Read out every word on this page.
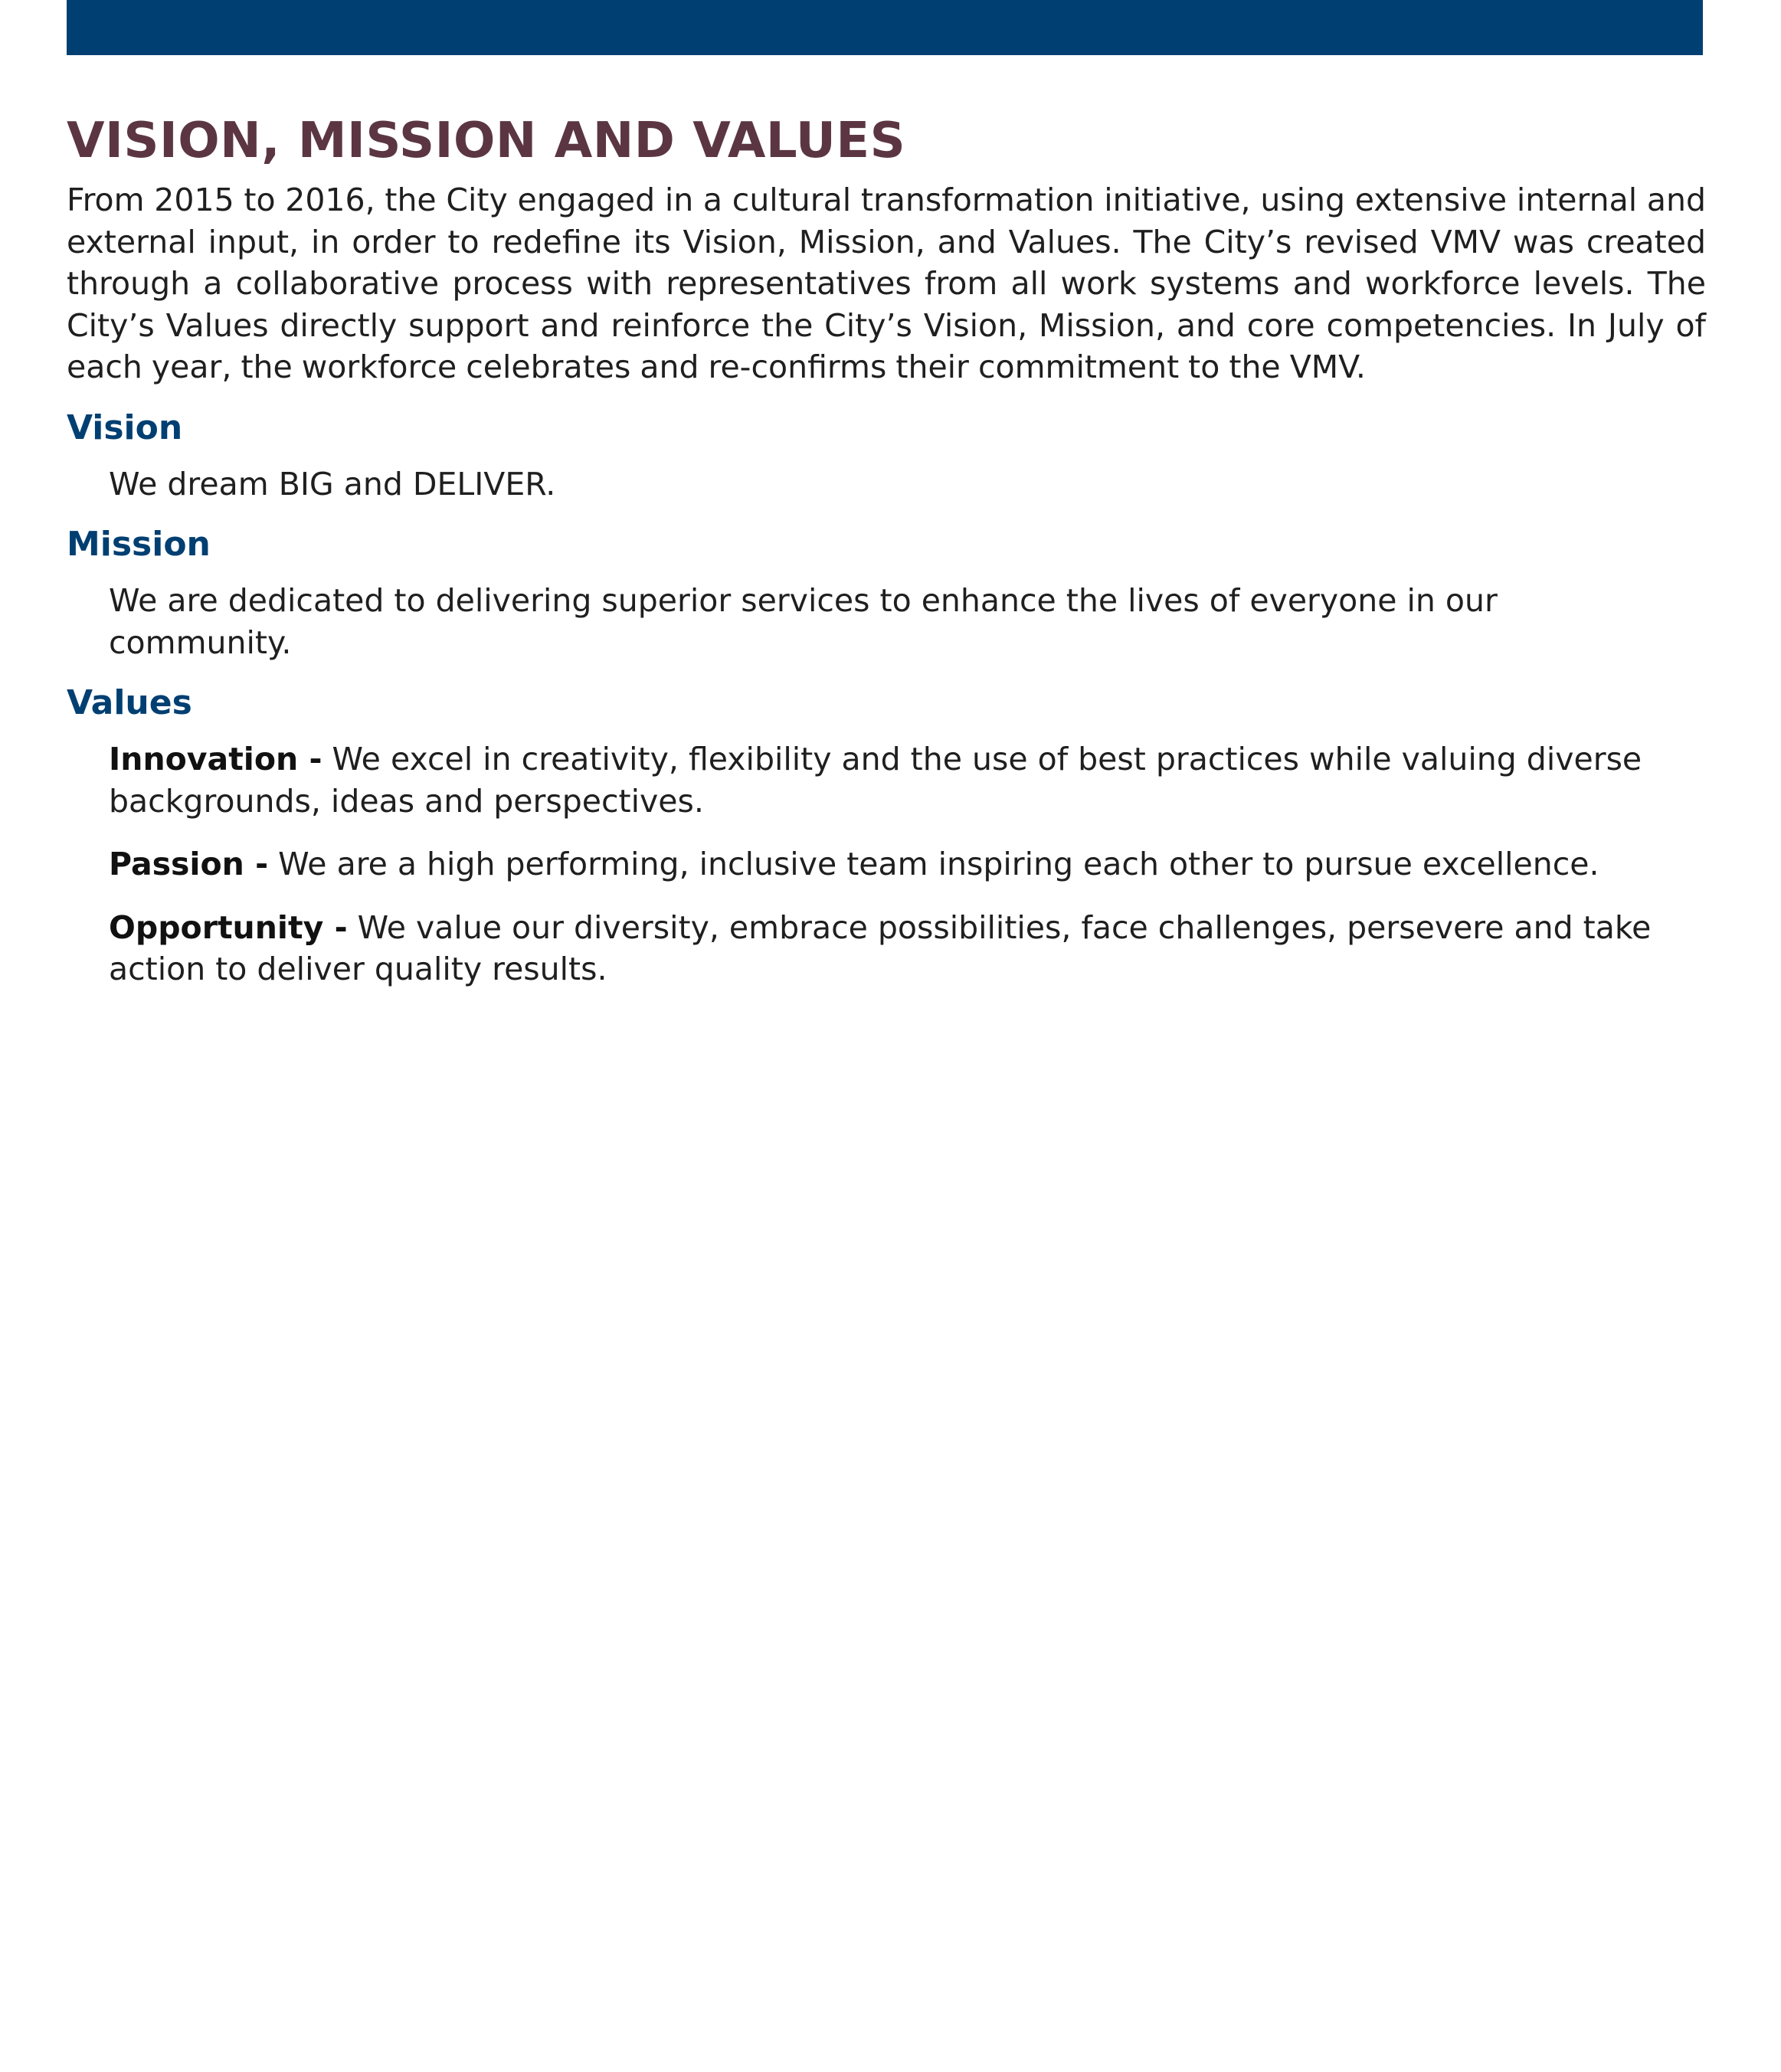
VISION, MISSION AND VALUES

From 2015 to 2016, the City engaged in a cultural transformation initiative, using extensive internal and external input, in order to redefine its Vision, Mission, and Values. The City’s revised VMV was created through a collaborative process with representatives from all work systems and workforce levels. The City’s Values directly support and reinforce the City’s Vision, Mission, and core competencies. In July of each year, the workforce celebrates and re-confirms their commitment to the VMV.

Vision

We dream BIG and DELIVER.

Mission

We are dedicated to delivering superior services to enhance the lives of everyone in our community.

Values

Innovation - We excel in creativity, flexibility and the use of best practices while valuing diverse backgrounds, ideas and perspectives.

Passion - We are a high performing, inclusive team inspiring each other to pursue excellence.

Opportunity - We value our diversity, embrace possibilities, face challenges, persevere and take action to deliver quality results.
